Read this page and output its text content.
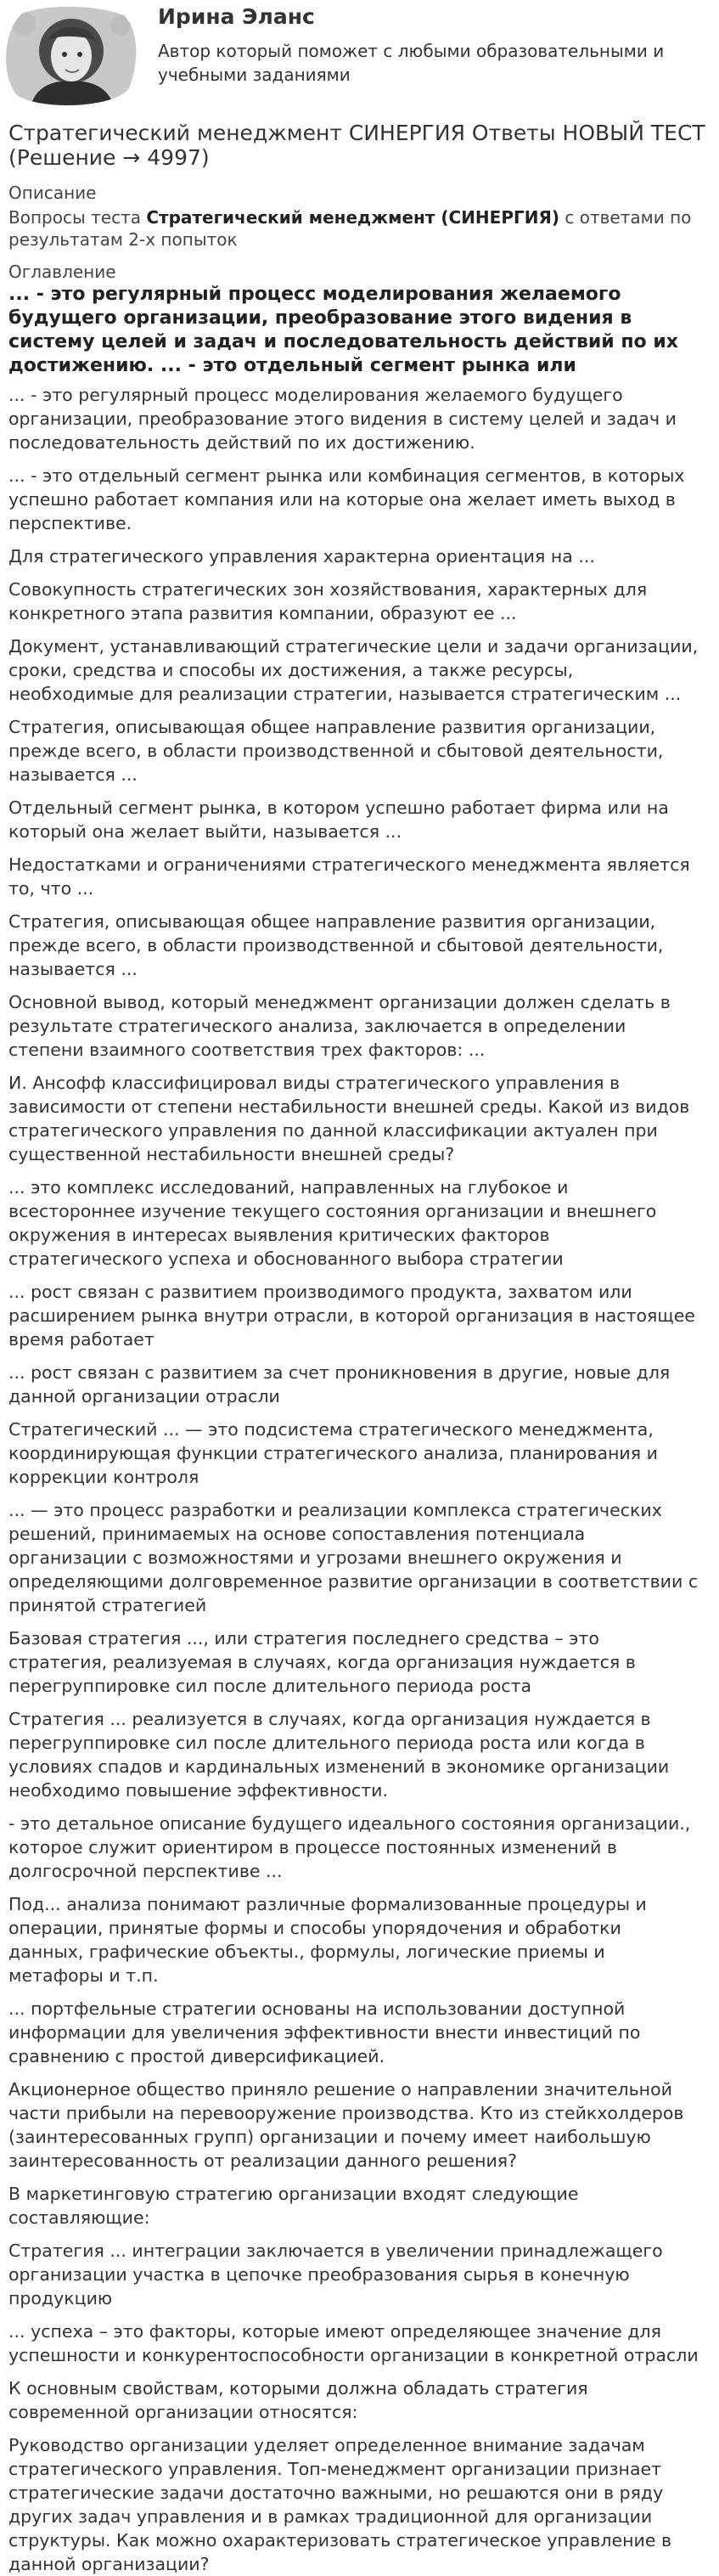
Ирина Эланс

Автор который поможет с любыми образовательными и учебными заданиями

Стратегический менеджмент СИНЕРГИЯ Ответы НОВЫЙ ТЕСТ (Решение → 4997)
Описание

Вопросы теста Стратегический менеджмент (СИНЕРГИЯ) с ответами по результатам 2-х попыток

Оглавление
... - это регулярный процесс моделирования желаемого будущего организации, преобразование этого видения в систему целей и задач и последовательность действий по их достижению. ... - это отдельный сегмент рынка или

... - это регулярный процесс моделирования желаемого будущего организации, преобразование этого видения в систему целей и задач и последовательность действий по их достижению.

... - это отдельный сегмент рынка или комбинация сегментов, в которых успешно работает компания или на которые она желает иметь выход в перспективе.

Для стратегического управления характерна ориентация на ...

Совокупность стратегических зон хозяйствования, характерных для конкретного этапа развития компании, образуют ее ...

Документ, устанавливающий стратегические цели и задачи организации, сроки, средства и способы их достижения, а также ресурсы, необходимые для реализации стратегии, называется стратегическим ...

Стратегия, описывающая общее направление развития организации, прежде всего, в области производственной и сбытовой деятельности, называется ...

Отдельный сегмент рынка, в котором успешно работает фирма или на который она желает выйти, называется ...

Недостатками и ограничениями стратегического менеджмента является то, что ...

Стратегия, описывающая общее направление развития организации, прежде всего, в области производственной и сбытовой деятельности, называется ...

Основной вывод, который менеджмент организации должен сделать в результате стратегического анализа, заключается в определении степени взаимного соответствия трех факторов: ...

И. Ансофф классифицировал виды стратегического управления в зависимости от степени нестабильности внешней среды. Какой из видов стратегического управления по данной классификации актуален при существенной нестабильности внешней среды?

... это комплекс исследований, направленных на глубокое и всестороннее изучение текущего состояния организации и внешнего окружения в интересах выявления критических факторов стратегического успеха и обоснованного выбора стратегии

... рост связан с развитием производимого продукта, захватом или расширением рынка внутри отрасли, в которой организация в настоящее время работает

... рост связан с развитием за счет проникновения в другие, новые для данной организации отрасли

Стратегический ... — это подсистема стратегического менеджмента, координирующая функции стратегического анализа, планирования и коррекции контроля

... — это процесс разработки и реализации комплекса стратегических решений, принимаемых на основе сопоставления потенциала организации с возможностями и угрозами внешнего окружения и определяющими долговременное развитие организации в соответствии с принятой стратегией

Базовая стратегия ..., или стратегия последнего средства – это стратегия, реализуемая в случаях, когда организация нуждается в перегруппировке сил после длительного периода роста

Стратегия ... реализуется в случаях, когда организация нуждается в перегруппировке сил после длительного периода роста или когда в условиях спадов и кардинальных изменений в экономике организации необходимо повышение эффективности.

- это детальное описание будущего идеального состояния организации., которое служит ориентиром в процессе постоянных изменений в долгосрочной перспективе ...

Под... анализа понимают различные формализованные процедуры и операции, принятые формы и способы упорядочения и обработки данных, графические объекты., формулы, логические приемы и метафоры и т.п.

... портфельные стратегии основаны на использовании доступной информации для увеличения эффективности внести инвестиций по сравнению с простой диверсификацией.

Акционерное общество приняло решение о направлении значительной части прибыли на перевооружение производства. Кто из стейкхолдеров (заинтересованных групп) организации и почему имеет наибольшую заинтересованность от реализации данного решения?

В маркетинговую стратегию организации входят следующие составляющие:

Стратегия ... интеграции заключается в увеличении принадлежащего организации участка в цепочке преобразования сырья в конечную продукцию

... успеха – это факторы, которые имеют определяющее значение для успешности и конкурентоспособности организации в конкретной отрасли

К основным свойствам, которыми должна обладать стратегия современной организации относятся:

Руководство организации уделяет определенное внимание задачам стратегического управления. Топ-менеджмент организации признает стратегические задачи достаточно важными, но решаются они в ряду других задач управления и в рамках традиционной для организации структуры. Как можно охарактеризовать стратегическое управление в данной организации?
